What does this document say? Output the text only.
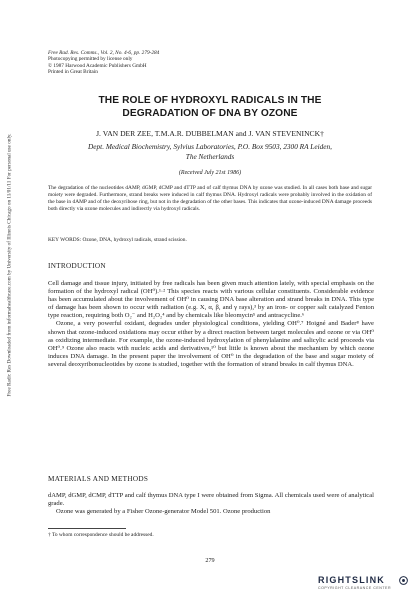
Free Radic Res Downloaded from informahealthcare.com by University of Illinois Chicago on 11/01/11 For personal use only.
Free Rad. Res. Comms., Vol. 2, No. 4-6, pp. 279-284
Photocopying permitted by license only
© 1987 Harwood Academic Publishers GmbH
Printed in Great Britain
THE ROLE OF HYDROXYL RADICALS IN THE
DEGRADATION OF DNA BY OZONE
J. VAN DER ZEE, T.M.A.R. DUBBELMAN and J. VAN STEVENINCK†
Dept. Medical Biochemistry, Sylvius Laboratories, P.O. Box 9503, 2300 RA Leiden,
The Netherlands
(Received July 21st 1986)
The degradation of the nucleotides dAMP, dGMP, dCMP and dTTP and of calf thymus DNA by ozone was studied. In all cases both base and sugar moiety were degraded. Furthermore, strand breaks were induced in calf thymus DNA. Hydroxyl radicals were probably involved in the oxidation of the base in dAMP and of the deoxyribose ring, but not in the degradation of the other bases. This indicates that ozone-induced DNA damage proceeds both directly via ozone molecules and indirectly via hydroxyl radicals.
KEY WORDS: Ozone, DNA, hydroxyl radicals, strand scission.
INTRODUCTION

Cell damage and tissue injury, initiated by free radicals has been given much attention lately, with special emphasis on the formation of the hydroxyl radical (OH⁰).¹·² This species reacts with various cellular constituents. Considerable evidence has been accumulated about the involvement of OH⁰ in causing DNA base alteration and strand breaks in DNA. This type of damage has been shown to occur with radiation (e.g. X, α, β, and γ rays),³ by an iron- or copper salt catalyzed Fenton type reaction, requiring both O₂⁻ and H₂O₂⁴ and by chemicals like bleomycin⁵ and antracycline.⁶

Ozone, a very powerful oxidant, degrades under physiological conditions, yielding OH⁰.⁷ Hoigné and Bader⁸ have shown that ozone-induced oxidations may occur either by a direct reaction between target molecules and ozone or via OH⁰ as oxidizing intermediate. For example, the ozone-induced hydroxylation of phenylalanine and salicylic acid proceeds via OH⁰.⁹ Ozone also reacts with nucleic acids and derivatives,¹⁰ but little is known about the mechanism by which ozone induces DNA damage. In the present paper the involvement of OH⁰ in the degradation of the base and sugar moiety of several deoxyribonucleotides by ozone is studied, together with the formation of strand breaks in calf thymus DNA.

MATERIALS AND METHODS

dAMP, dGMP, dCMP, dTTP and calf thymus DNA type I were obtained from Sigma. All chemicals used were of analytical grade.

Ozone was generated by a Fisher Ozone-generator Model 501. Ozone production

† To whom correspondence should be addressed.
279
RIGHTSLINK
COPYRIGHT CLEARANCE CENTER
